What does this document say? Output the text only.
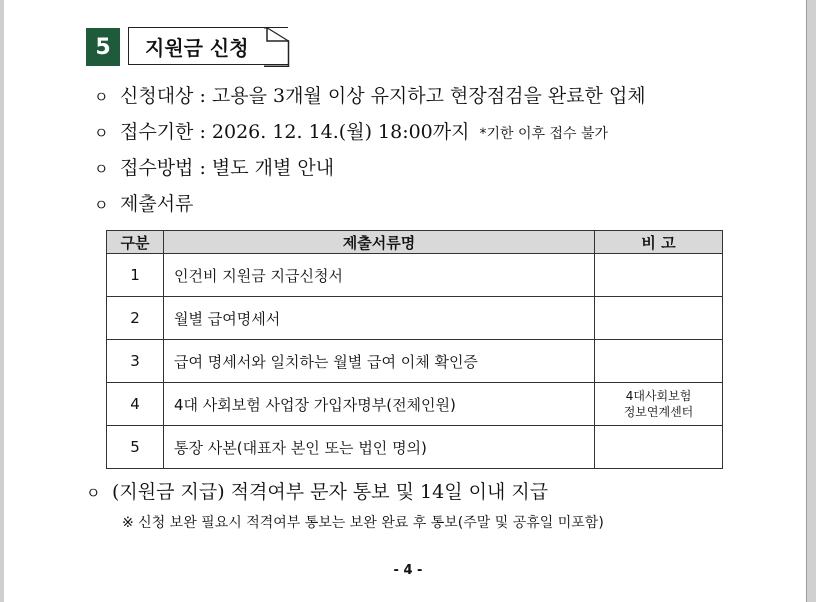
5	지원금 신청
ㅇ 신청대상 : 고용을 3개월 이상 유지하고 현장점검을 완료한 업체
ㅇ 접수기한 : 2026. 12. 14.(월) 18:00까지 *기한 이후 접수 불가
ㅇ 접수방법 : 별도 개별 안내
ㅇ 제출서류
구분	제출서류명	비 고
1	인건비 지원금 지급신청서	
2	월별 급여명세서	
3	급여 명세서와 일치하는 월별 급여 이체 확인증	
4	4대 사회보험 사업장 가입자명부(전체인원)	4대사회보험
정보연계센터
5	통장 사본(대표자 본인 또는 법인 명의)	
ㅇ (지원금 지급) 적격여부 문자 통보 및 14일 이내 지급
※ 신청 보완 필요시 적격여부 통보는 보완 완료 후 통보(주말 및 공휴일 미포함)
- 4 -
